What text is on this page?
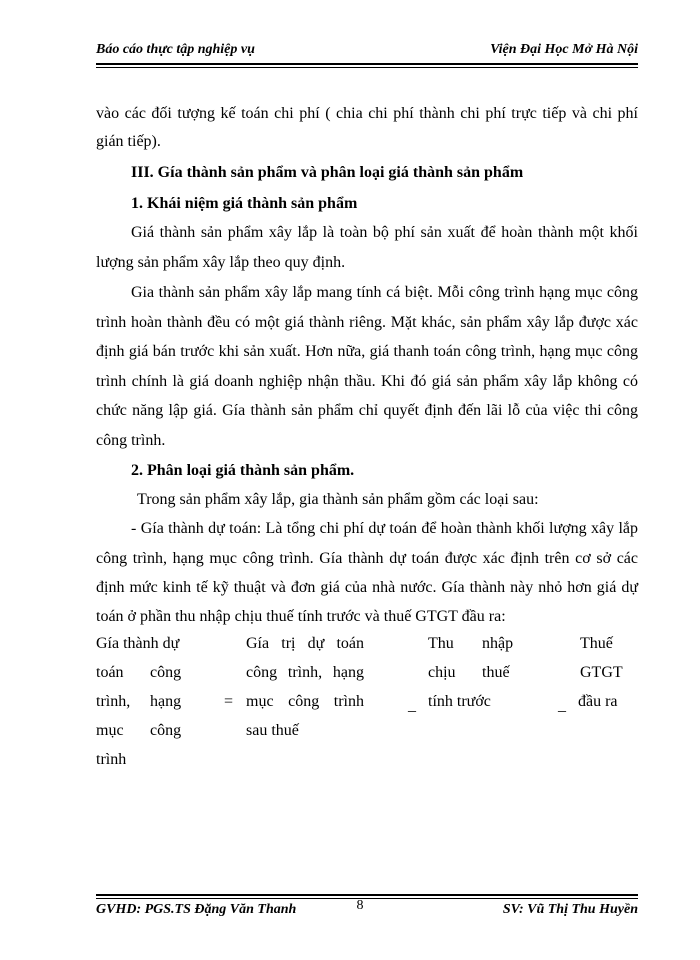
Báo cáo thực tập nghiệp vụ	Viện Đại Học Mở Hà Nội
vào các đối tượng kế toán chi phí ( chia chi phí thành chi phí trực tiếp và chi phí
gián tiếp).
III. Gía thành sản phẩm và phân loại giá thành sản phẩm
1. Khái niệm giá thành sản phẩm
Giá thành sản phẩm xây lắp là toàn bộ phí sản xuất để hoàn thành một khối
lượng sản phẩm xây lắp theo quy định.
Gia thành sản phẩm xây lắp mang tính cá biệt. Mỗi công trình hạng mục công
trình hoàn thành đều có một giá thành riêng. Mặt khác, sản phẩm xây lắp được xác
định giá bán trước khi sản xuất. Hơn nữa, giá thanh toán công trình, hạng mục công
trình chính là giá doanh nghiệp nhận thầu. Khi đó giá sản phẩm xây lắp không có
chức năng lập giá. Gía thành sản phẩm chỉ quyết định đến lãi lỗ của việc thi công
công trình.
2. Phân loại giá thành sản phẩm.
Trong sản phẩm xây lắp, gia thành sản phẩm gồm các loại sau:
- Gía thành dự toán: Là tổng chi phí dự toán để hoàn thành khối lượng xây lắp
công trình, hạng mục công trình. Gía thành dự toán được xác định trên cơ sở các
định mức kinh tế kỹ thuật và đơn giá của nhà nước. Gía thành này nhỏ hơn giá dự
toán ở phần thu nhập chịu thuế tính trước và thuế GTGT đầu ra:
Gía thành dự
toán công
trình, hạng
mục công
trình
=
Gía trị dự toán
công trình, hạng
mục công trình
sau thuế
_
Thu nhập
chịu thuế
tính trước	_
Thuế
GTGT
đầu ra
GVHD: PGS.TS Đặng Văn Thanh	8	SV: Vũ Thị Thu Huyền
